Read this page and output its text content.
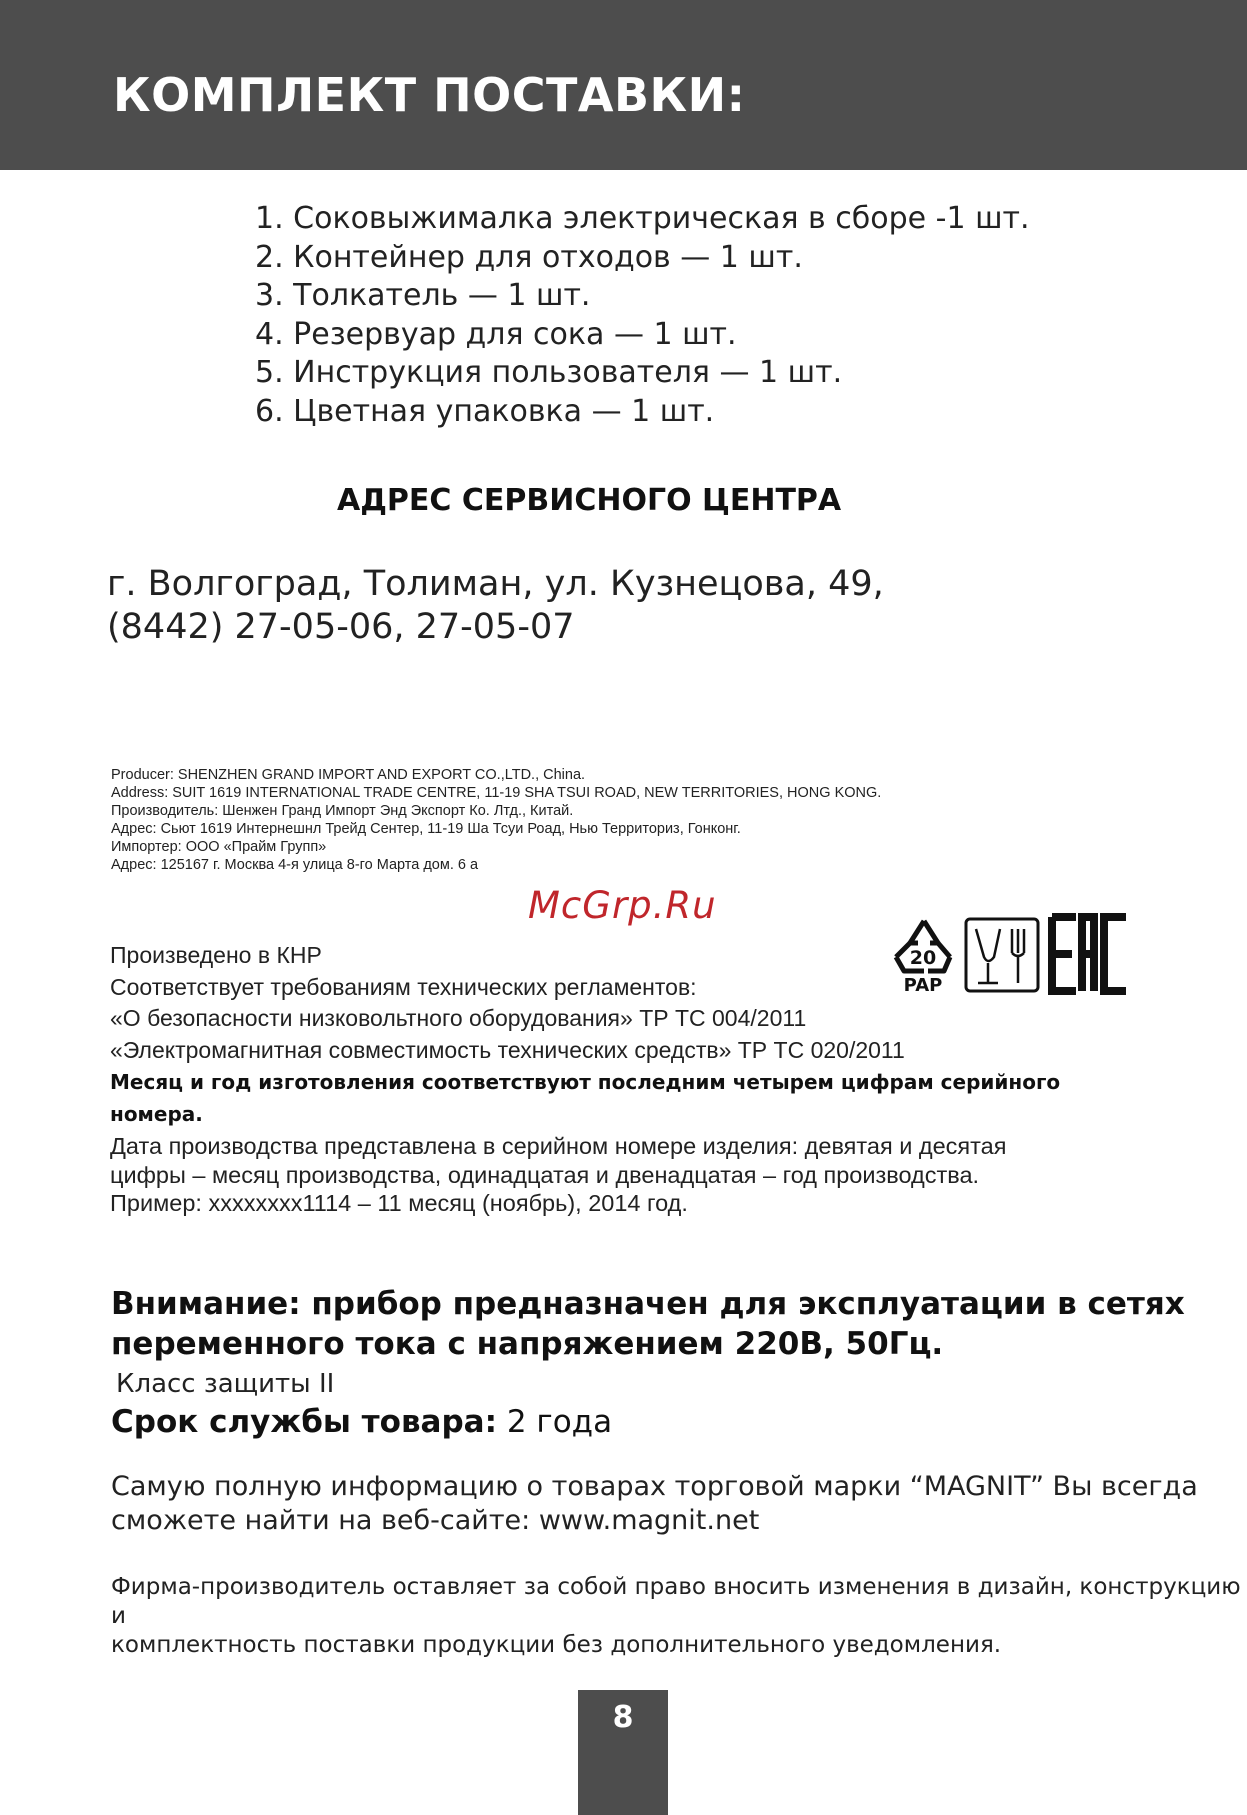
КОМПЛЕКТ ПОСТАВКИ:
1. Соковыжималка электрическая в сборе -1 шт.
2. Контейнер для отходов — 1 шт.
3. Толкатель — 1 шт.
4. Резервуар для сока — 1 шт.
5. Инструкция пользователя — 1 шт.
6. Цветная упаковка — 1 шт.
АДРЕС СЕРВИСНОГО ЦЕНТРА
г. Волгоград, Толиман, ул. Кузнецова, 49,
(8442) 27-05-06, 27-05-07
Producer: SHENZHEN GRAND IMPORT AND EXPORT CO.,LTD., China.
Address: SUIT 1619 INTERNATIONAL TRADE CENTRE, 11-19 SHA TSUI ROAD, NEW TERRITORIES, HONG KONG.
Производитель: Шенжен Гранд Импорт Энд Экспорт Ко. Лтд., Китай.
Адрес: Сьют 1619 Интернешнл Трейд Сентер, 11-19 Ша Тсуи Роад, Нью Территориз, Гонконг.
Импортер: ООО «Прайм Групп»
Адрес: 125167 г. Москва 4-я улица 8-го Марта дом. 6 а
McGrp.Ru
20
PAP
EAC
Произведено в КНР
Соответствует требованиям технических регламентов:
«О безопасности низковольтного оборудования» ТР ТС 004/2011
«Электромагнитная совместимость технических средств» ТР ТС 020/2011
Месяц и год изготовления соответствуют последним четырем цифрам серийного
номера.
Дата производства представлена в серийном номере изделия: девятая и десятая
цифры – месяц производства, одинадцатая и двенадцатая – год производства.
Пример: xxxxxxxx1114 – 11 месяц (ноябрь), 2014 год.
Внимание: прибор предназначен для эксплуатации в сетях
переменного тока с напряжением 220В, 50Гц.
Класс защиты II
Срок службы товара: 2 года
Самую полную информацию о товарах торговой марки “MAGNIT” Вы всегда
сможете найти на веб-сайте: www.magnit.net
Фирма-производитель оставляет за собой право вносить изменения в дизайн, конструкцию и
комплектность поставки продукции без дополнительного уведомления.
8
